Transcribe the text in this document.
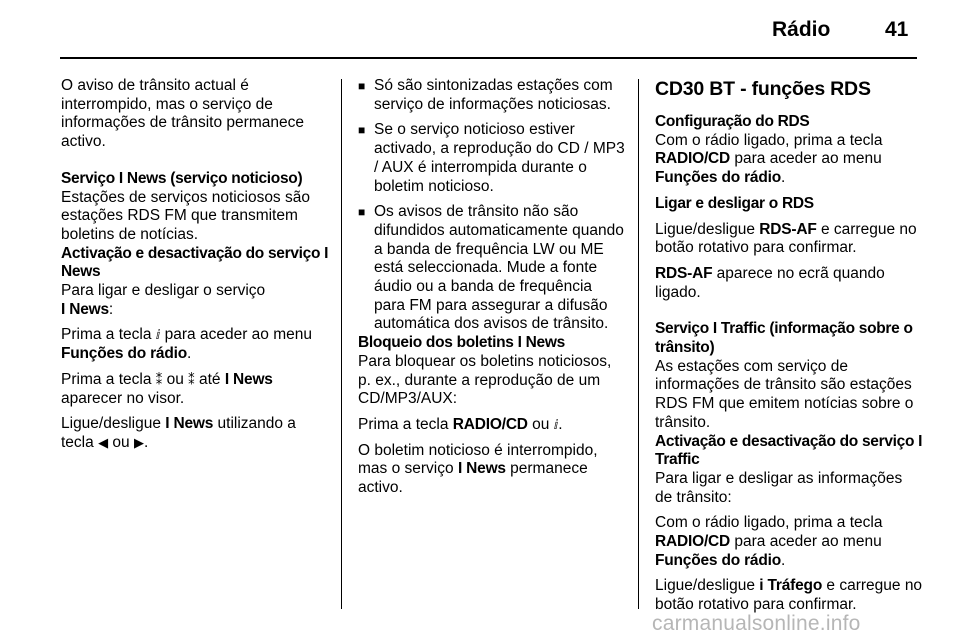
Rádio	41

O aviso de trânsito actual é interrompido, mas o serviço de informações de trânsito permanece activo.

Serviço I News (serviço noticioso)

Estações de serviços noticiosos são estações RDS FM que transmitem boletins de notícias.

Activação e desactivação do serviço I News

Para ligar e desligar o serviço
I News:

Prima a tecla ⅈ para aceder ao menu Funções do rádio.

Prima a tecla ⁑ ou ⁑ até I News
aparecer no visor.

Ligue/desligue I News utilizando a tecla ◀ ou ▶.

■ Só são sintonizadas estações com serviço de informações noticiosas.
■ Se o serviço noticioso estiver activado, a reprodução do CD / MP3 / AUX é interrompida durante o boletim noticioso.
■ Os avisos de trânsito não são difundidos automaticamente quando a banda de frequência LW ou ME está seleccionada. Mude a fonte áudio ou a banda de frequência para FM para assegurar a difusão automática dos avisos de trânsito.

Bloqueio dos boletins I News

Para bloquear os boletins noticiosos, p. ex., durante a reprodução de um CD/MP3/AUX:

Prima a tecla RADIO/CD ou ⅈ.

O boletim noticioso é interrompido, mas o serviço I News permanece activo.

CD30 BT - funções RDS

Configuração do RDS

Com o rádio ligado, prima a tecla RADIO/CD para aceder ao menu Funções do rádio.

Ligar e desligar o RDS

Ligue/desligue RDS-AF e carregue no botão rotativo para confirmar.

RDS-AF aparece no ecrã quando ligado.

Serviço I Traffic (informação sobre o trânsito)

As estações com serviço de informações de trânsito são estações RDS FM que emitem notícias sobre o trânsito.

Activação e desactivação do serviço I Traffic

Para ligar e desligar as informações de trânsito:

Com o rádio ligado, prima a tecla RADIO/CD para aceder ao menu Funções do rádio.

Ligue/desligue i Tráfego e carregue no botão rotativo para confirmar.

carmanualsonline.info
